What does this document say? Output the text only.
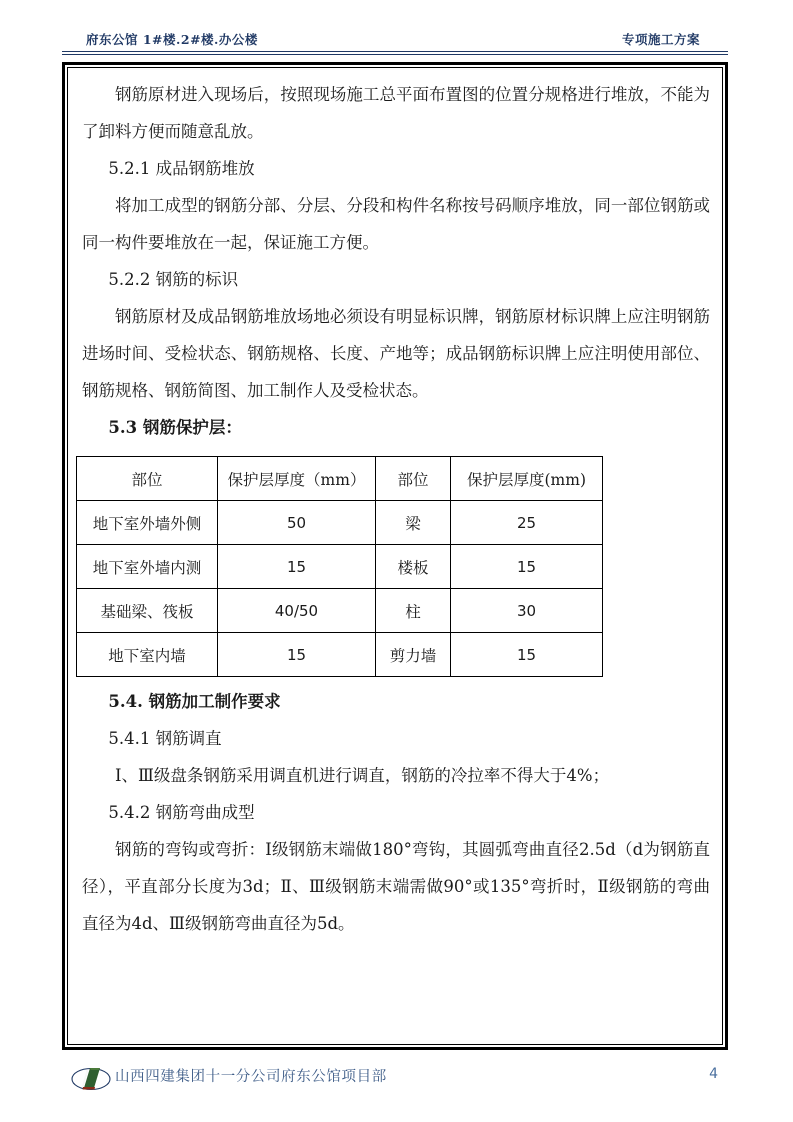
府东公馆 1#楼.2#楼.办公楼	专项施工方案

钢筋原材进入现场后，按照现场施工总平面布置图的位置分规格进行堆放，不能为了卸料方便而随意乱放。

5.2.1 成品钢筋堆放

将加工成型的钢筋分部、分层、分段和构件名称按号码顺序堆放，同一部位钢筋或同一构件要堆放在一起，保证施工方便。

5.2.2 钢筋的标识

钢筋原材及成品钢筋堆放场地必须设有明显标识牌，钢筋原材标识牌上应注明钢筋进场时间、受检状态、钢筋规格、长度、产地等；成品钢筋标识牌上应注明使用部位、钢筋规格、钢筋简图、加工制作人及受检状态。

5.3 钢筋保护层：

部位	保护层厚度（mm）	部位	保护层厚度(mm)
地下室外墙外侧	50	梁	25
地下室外墙内测	15	楼板	15
基础梁、筏板	40/50	柱	30
地下室内墙	15	剪力墙	15

5.4. 钢筋加工制作要求

5.4.1 钢筋调直

Ⅰ、Ⅲ级盘条钢筋采用调直机进行调直，钢筋的冷拉率不得大于4%；

5.4.2 钢筋弯曲成型

钢筋的弯钩或弯折：Ⅰ级钢筋末端做180°弯钩，其圆弧弯曲直径2.5d（d为钢筋直径），平直部分长度为3d；Ⅱ、Ⅲ级钢筋末端需做90°或135°弯折时，Ⅱ级钢筋的弯曲直径为4d、Ⅲ级钢筋弯曲直径为5d。

山西四建集团十一分公司府东公馆项目部	4
